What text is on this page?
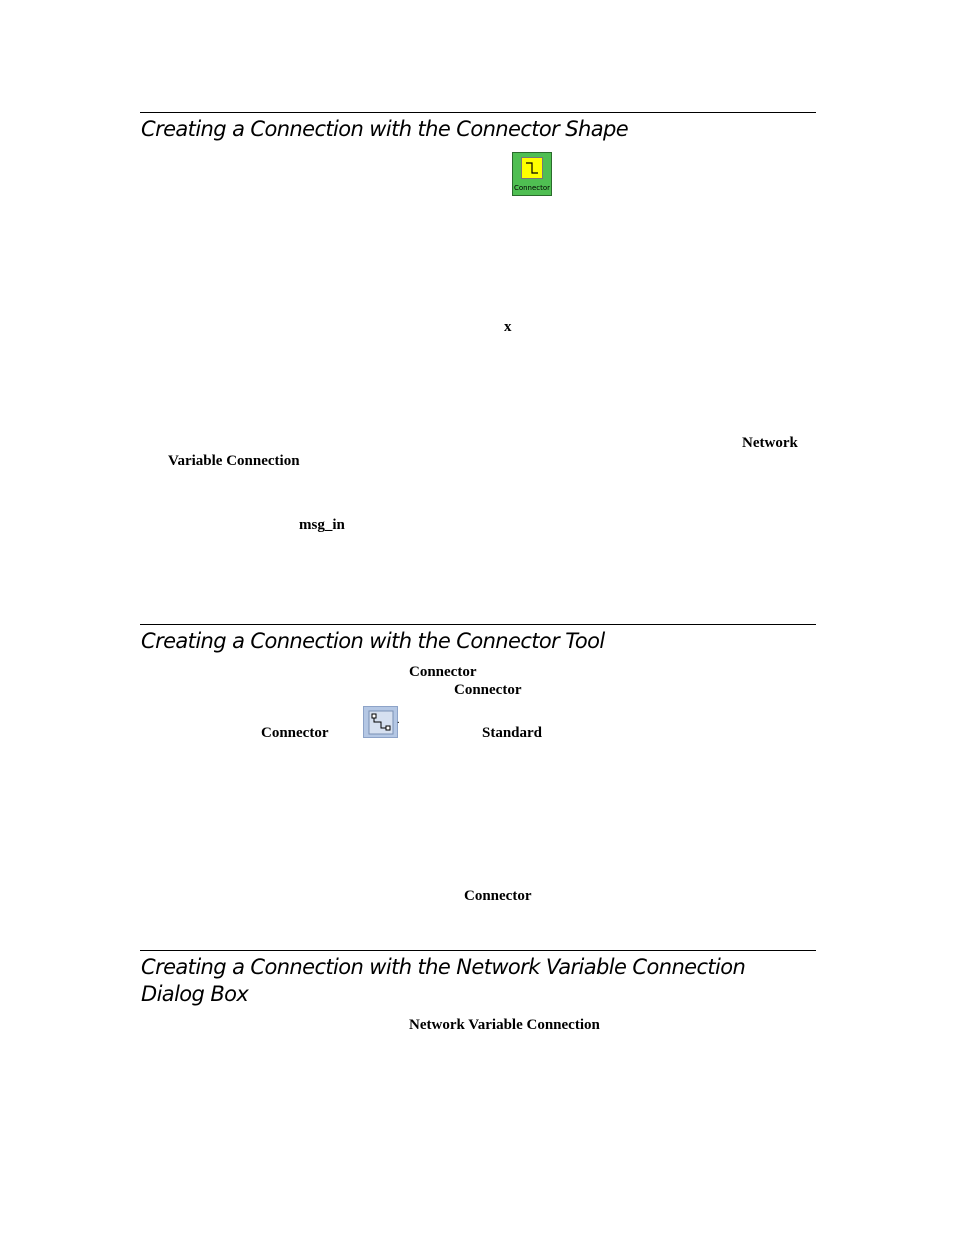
Creating a Connection with the Connector Shape
Connector
x
Network
Variable Connection
msg_in
Creating a Connection with the Connector Tool
Connector
Connector
Connector
.
Standard
Connector
Creating a Connection with the Network Variable Connection
Dialog Box
Network Variable Connection
